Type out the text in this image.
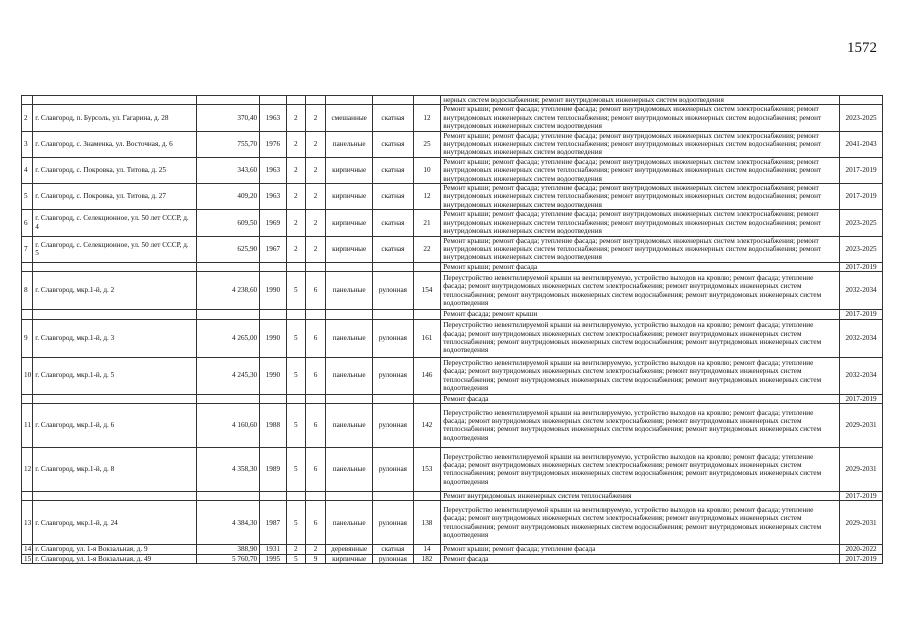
1572
									нерных систем водоснабжения; ремонт внутридомовых инженерных систем водоотведения	
2	г. Славгород, п. Бурсоль, ул. Гагарина, д. 28	370,40	1963	2	2	смешанные	скатная	12	Ремонт крыши; ремонт фасада; утепление фасада; ремонт внутридомовых инженерных систем электроснабжения; ремонт внутридомовых инженерных систем теплоснабжения; ремонт внутридомовых инженерных систем водоснабжения; ремонт внутридомовых инженерных систем водоотведения	2023-2025
3	г. Славгород, с. Знаменка, ул. Восточная, д. 6	755,70	1976	2	2	панельные	скатная	25	Ремонт крыши; ремонт фасада; утепление фасада; ремонт внутридомовых инженерных систем электроснабжения; ремонт внутридомовых инженерных систем теплоснабжения; ремонт внутридомовых инженерных систем водоснабжения; ремонт внутридомовых инженерных систем водоотведения	2041-2043
4	г. Славгород, с. Покровка, ул. Титова, д. 25	343,60	1963	2	2	кирпичные	скатная	10	Ремонт крыши; ремонт фасада; утепление фасада; ремонт внутридомовых инженерных систем электроснабжения; ремонт внутридомовых инженерных систем теплоснабжения; ремонт внутридомовых инженерных систем водоснабжения; ремонт внутридомовых инженерных систем водоотведения	2017-2019
5	г. Славгород, с. Покровка, ул. Титова, д. 27	409,20	1963	2	2	кирпичные	скатная	12	Ремонт крыши; ремонт фасада; утепление фасада; ремонт внутридомовых инженерных систем электроснабжения; ремонт внутридомовых инженерных систем теплоснабжения; ремонт внутридомовых инженерных систем водоснабжения; ремонт внутридомовых инженерных систем водоотведения	2017-2019
6	г. Славгород, с. Селекционное, ул. 50 лет СССР, д. 4	609,50	1969	2	2	кирпичные	скатная	21	Ремонт крыши; ремонт фасада; утепление фасада; ремонт внутридомовых инженерных систем электроснабжения; ремонт внутридомовых инженерных систем теплоснабжения; ремонт внутридомовых инженерных систем водоснабжения; ремонт внутридомовых инженерных систем водоотведения	2023-2025
7	г. Славгород, с. Селекционное, ул. 50 лет СССР, д. 5	625,90	1967	2	2	кирпичные	скатная	22	Ремонт крыши; ремонт фасада; утепление фасада; ремонт внутридомовых инженерных систем электроснабжения; ремонт внутридомовых инженерных систем теплоснабжения; ремонт внутридомовых инженерных систем водоснабжения; ремонт внутридомовых инженерных систем водоотведения	2023-2025
									Ремонт крыши; ремонт фасада	2017-2019
8	г. Славгород, мкр.1-й, д. 2	4 238,60	1990	5	6	панельные	рулонная	154	Переустройство невентилируемой крыши на вентилируемую, устройство выходов на кровлю; ремонт фасада; утепление фасада; ремонт внутридомовых инженерных систем электроснабжения; ремонт внутридомовых инженерных систем теплоснабжения; ремонт внутридомовых инженерных систем водоснабжения; ремонт внутридомовых инженерных систем водоотведения	2032-2034
									Ремонт фасада; ремонт крыши	2017-2019
9	г. Славгород, мкр.1-й, д. 3	4 265,00	1990	5	6	панельные	рулонная	161	Переустройство невентилируемой крыши на вентилируемую, устройство выходов на кровлю; ремонт фасада; утепление фасада; ремонт внутридомовых инженерных систем электроснабжения; ремонт внутридомовых инженерных систем теплоснабжения; ремонт внутридомовых инженерных систем водоснабжения; ремонт внутридомовых инженерных систем водоотведения	2032-2034
10	г. Славгород, мкр.1-й, д. 5	4 245,30	1990	5	6	панельные	рулонная	146	Переустройство невентилируемой крыши на вентилируемую, устройство выходов на кровлю; ремонт фасада; утепление фасада; ремонт внутридомовых инженерных систем электроснабжения; ремонт внутридомовых инженерных систем теплоснабжения; ремонт внутридомовых инженерных систем водоснабжения; ремонт внутридомовых инженерных систем водоотведения	2032-2034
									Ремонт фасада	2017-2019
11	г. Славгород, мкр.1-й, д. 6	4 160,60	1988	5	6	панельные	рулонная	142	Переустройство невентилируемой крыши на вентилируемую, устройство выходов на кровлю; ремонт фасада; утепление фасада; ремонт внутридомовых инженерных систем электроснабжения; ремонт внутридомовых инженерных систем теплоснабжения; ремонт внутридомовых инженерных систем водоснабжения; ремонт внутридомовых инженерных систем водоотведения	2029-2031
12	г. Славгород, мкр.1-й, д. 8	4 358,30	1989	5	6	панельные	рулонная	153	Переустройство невентилируемой крыши на вентилируемую, устройство выходов на кровлю; ремонт фасада; утепление фасада; ремонт внутридомовых инженерных систем электроснабжения; ремонт внутридомовых инженерных систем теплоснабжения; ремонт внутридомовых инженерных систем водоснабжения; ремонт внутридомовых инженерных систем водоотведения	2029-2031
									Ремонт внутридомовых инженерных систем теплоснабжения	2017-2019
13	г. Славгород, мкр.1-й, д. 24	4 384,30	1987	5	6	панельные	рулонная	138	Переустройство невентилируемой крыши на вентилируемую, устройство выходов на кровлю; ремонт фасада; утепление фасада; ремонт внутридомовых инженерных систем электроснабжения; ремонт внутридомовых инженерных систем теплоснабжения; ремонт внутридомовых инженерных систем водоснабжения; ремонт внутридомовых инженерных систем водоотведения	2029-2031
14	г. Славгород, ул. 1-я Вокзальная, д. 9	388,90	1931	2	2	деревянные	скатная	14	Ремонт крыши; ремонт фасада; утепление фасада	2020-2022
15	г. Славгород, ул. 1-я Вокзальная, д. 49	5 760,70	1995	5	9	кирпичные	рулонная	182	Ремонт фасада	2017-2019
